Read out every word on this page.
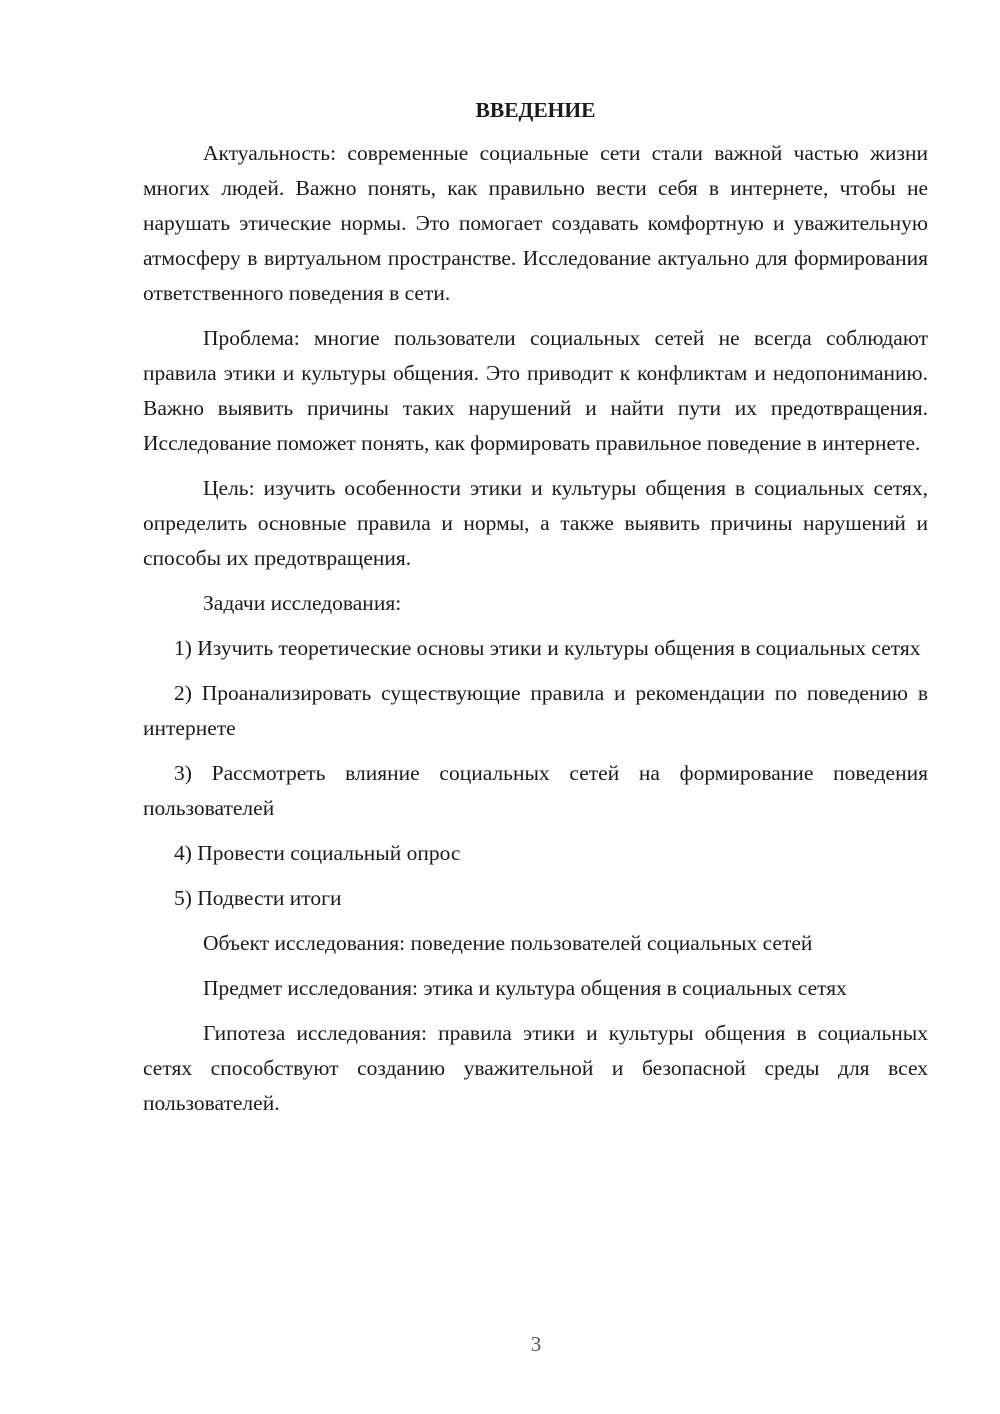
ВВЕДЕНИЕ

Актуальность: современные социальные сети стали важной частью жизни многих людей. Важно понять, как правильно вести себя в интернете, чтобы не нарушать этические нормы. Это помогает создавать комфортную и уважительную атмосферу в виртуальном пространстве. Исследование актуально для формирования ответственного поведения в сети.

Проблема: многие пользователи социальных сетей не всегда соблюдают правила этики и культуры общения. Это приводит к конфликтам и недопониманию. Важно выявить причины таких нарушений и найти пути их предотвращения. Исследование поможет понять, как формировать правильное поведение в интернете.

Цель: изучить особенности этики и культуры общения в социальных сетях, определить основные правила и нормы, а также выявить причины нарушений и способы их предотвращения.

Задачи исследования:

1) Изучить теоретические основы этики и культуры общения в социальных сетях

2) Проанализировать существующие правила и рекомендации по поведению в интернете

3) Рассмотреть влияние социальных сетей на формирование поведения пользователей

4) Провести социальный опрос

5) Подвести итоги

Объект исследования: поведение пользователей социальных сетей

Предмет исследования: этика и культура общения в социальных сетях

Гипотеза исследования: правила этики и культуры общения в социальных сетях способствуют созданию уважительной и безопасной среды для всех пользователей.

3
